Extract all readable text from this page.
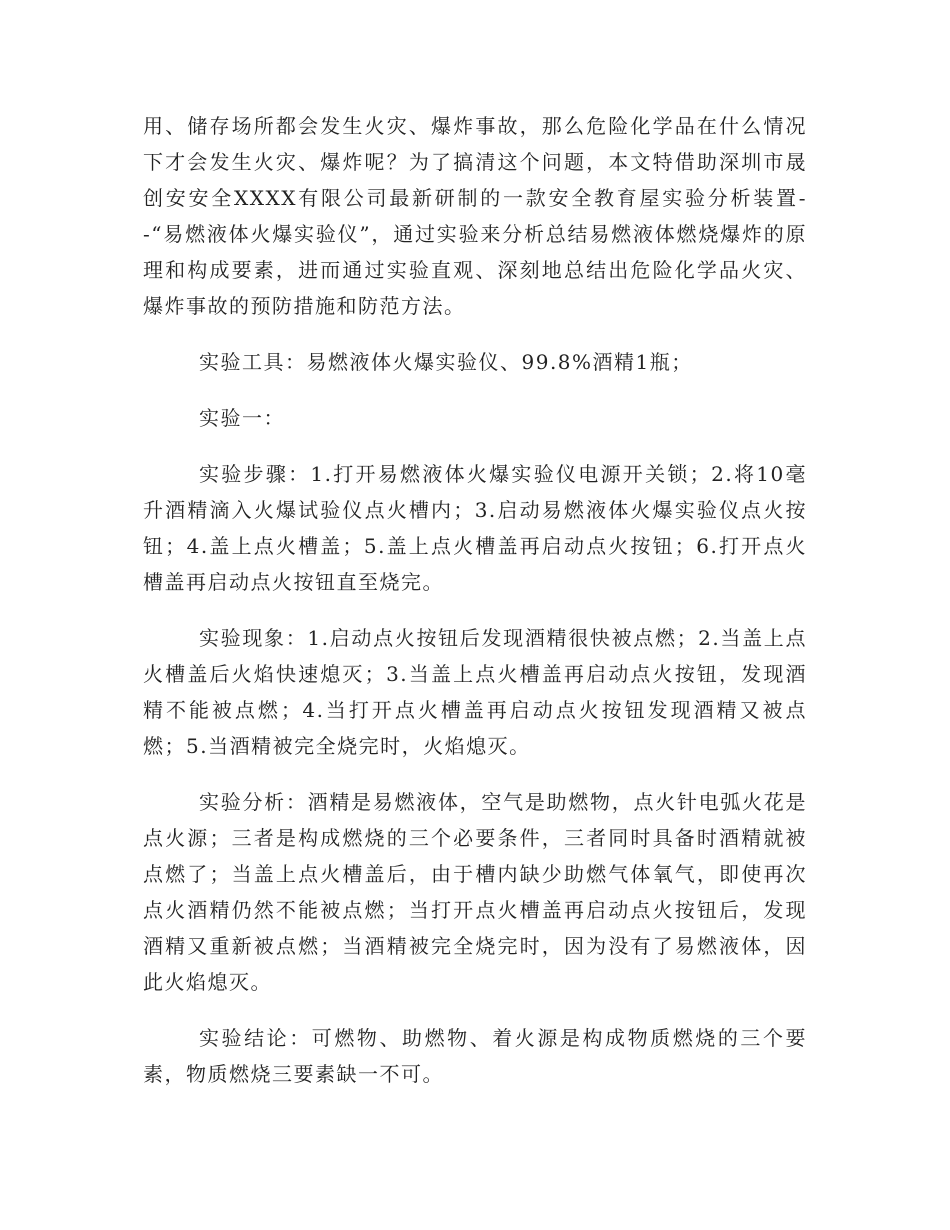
用、储存场所都会发生火灾、爆炸事故，那么危险化学品在什么情况下才会发生火灾、爆炸呢？为了搞清这个问题，本文特借助深圳市晟创安安全XXXX有限公司最新研制的一款安全教育屋实验分析装置--“易燃液体火爆实验仪”，通过实验来分析总结易燃液体燃烧爆炸的原理和构成要素，进而通过实验直观、深刻地总结出危险化学品火灾、爆炸事故的预防措施和防范方法。

实验工具：易燃液体火爆实验仪、99.8%酒精1瓶；

实验一：

实验步骤：1.打开易燃液体火爆实验仪电源开关锁；2.将10毫升酒精滴入火爆试验仪点火槽内；3.启动易燃液体火爆实验仪点火按钮；4.盖上点火槽盖；5.盖上点火槽盖再启动点火按钮；6.打开点火槽盖再启动点火按钮直至烧完。

实验现象：1.启动点火按钮后发现酒精很快被点燃；2.当盖上点火槽盖后火焰快速熄灭；3.当盖上点火槽盖再启动点火按钮，发现酒精不能被点燃；4.当打开点火槽盖再启动点火按钮发现酒精又被点燃；5.当酒精被完全烧完时，火焰熄灭。

实验分析：酒精是易燃液体，空气是助燃物，点火针电弧火花是点火源；三者是构成燃烧的三个必要条件，三者同时具备时酒精就被点燃了；当盖上点火槽盖后，由于槽内缺少助燃气体氧气，即使再次点火酒精仍然不能被点燃；当打开点火槽盖再启动点火按钮后，发现酒精又重新被点燃；当酒精被完全烧完时，因为没有了易燃液体，因此火焰熄灭。

实验结论：可燃物、助燃物、着火源是构成物质燃烧的三个要素，物质燃烧三要素缺一不可。
